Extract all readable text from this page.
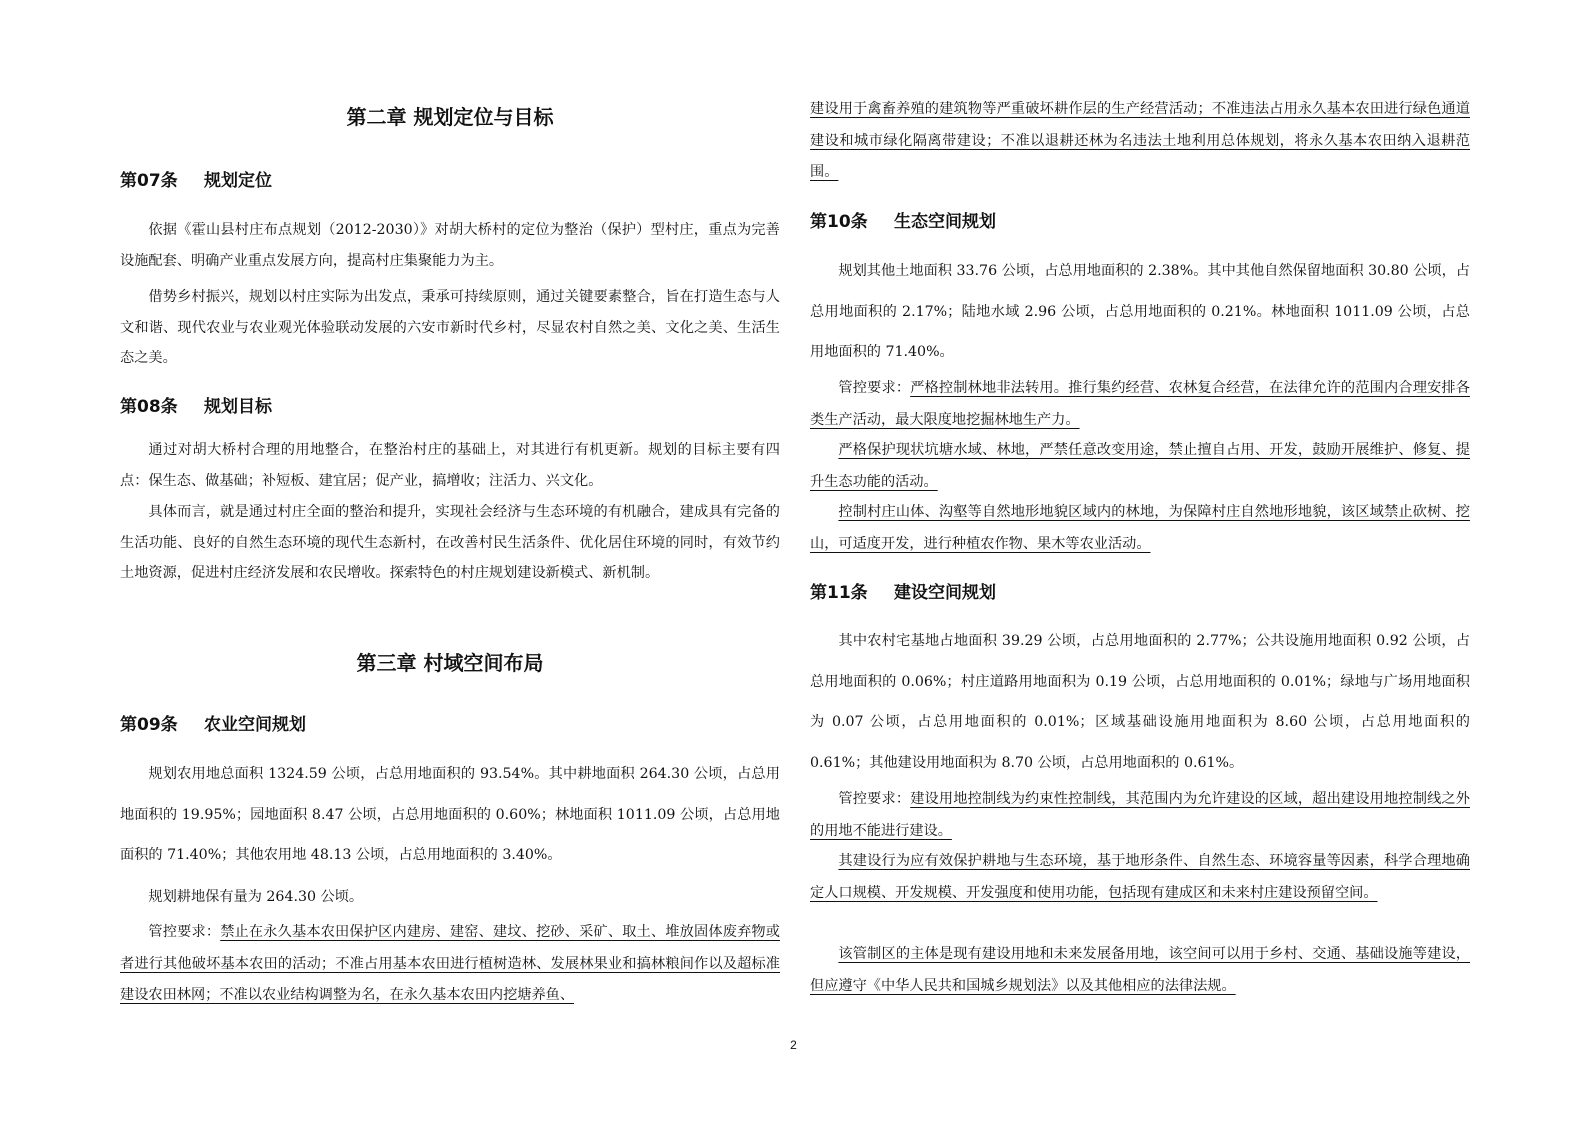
第二章 规划定位与目标
第07条 规划定位

依据《霍山县村庄布点规划（2012-2030）》对胡大桥村的定位为整治（保护）型村庄，重点为完善设施配套、明确产业重点发展方向，提高村庄集聚能力为主。

借势乡村振兴，规划以村庄实际为出发点，秉承可持续原则，通过关键要素整合，旨在打造生态与人文和谐、现代农业与农业观光体验联动发展的六安市新时代乡村，尽显农村自然之美、文化之美、生活生态之美。

第08条 规划目标

通过对胡大桥村合理的用地整合，在整治村庄的基础上，对其进行有机更新。规划的目标主要有四点：保生态、做基础；补短板、建宜居；促产业，搞增收；注活力、兴文化。

具体而言，就是通过村庄全面的整治和提升，实现社会经济与生态环境的有机融合，建成具有完备的生活功能、良好的自然生态环境的现代生态新村，在改善村民生活条件、优化居住环境的同时，有效节约土地资源，促进村庄经济发展和农民增收。探索特色的村庄规划建设新模式、新机制。

第三章 村域空间布局
第09条 农业空间规划

规划农用地总面积 1324.59 公顷，占总用地面积的 93.54%。其中耕地面积 264.30 公顷，占总用地面积的 19.95%；园地面积 8.47 公顷，占总用地面积的 0.60%；林地面积 1011.09 公顷，占总用地面积的 71.40%；其他农用地 48.13 公顷，占总用地面积的 3.40%。

规划耕地保有量为 264.30 公顷。

管控要求：禁止在永久基本农田保护区内建房、建窑、建坟、挖砂、采矿、取土、堆放固体废弃物或者进行其他破坏基本农田的活动；不准占用基本农田进行植树造林、发展林果业和搞林粮间作以及超标准建设农田林网；不准以农业结构调整为名，在永久基本农田内挖塘养鱼、

建设用于禽畜养殖的建筑物等严重破坏耕作层的生产经营活动；不准违法占用永久基本农田进行绿色通道建设和城市绿化隔离带建设；不准以退耕还林为名违法土地利用总体规划，将永久基本农田纳入退耕范围。

第10条 生态空间规划

规划其他土地面积 33.76 公顷，占总用地面积的 2.38%。其中其他自然保留地面积 30.80 公顷，占总用地面积的 2.17%；陆地水域 2.96 公顷，占总用地面积的 0.21%。林地面积 1011.09 公顷，占总用地面积的 71.40%。

管控要求：严格控制林地非法转用。推行集约经营、农林复合经营，在法律允许的范围内合理安排各类生产活动，最大限度地挖掘林地生产力。

严格保护现状坑塘水域、林地，严禁任意改变用途，禁止擅自占用、开发，鼓励开展维护、修复、提升生态功能的活动。

控制村庄山体、沟壑等自然地形地貌区域内的林地，为保障村庄自然地形地貌，该区域禁止砍树、挖山，可适度开发，进行种植农作物、果木等农业活动。

第11条 建设空间规划

其中农村宅基地占地面积 39.29 公顷，占总用地面积的 2.77%；公共设施用地面积 0.92 公顷，占总用地面积的 0.06%；村庄道路用地面积为 0.19 公顷，占总用地面积的 0.01%；绿地与广场用地面积为 0.07 公顷，占总用地面积的 0.01%；区域基础设施用地面积为 8.60 公顷，占总用地面积的 0.61%；其他建设用地面积为 8.70 公顷，占总用地面积的 0.61%。

管控要求：建设用地控制线为约束性控制线，其范围内为允许建设的区域，超出建设用地控制线之外的用地不能进行建设。

其建设行为应有效保护耕地与生态环境，基于地形条件、自然生态、环境容量等因素，科学合理地确定人口规模、开发规模、开发强度和使用功能，包括现有建成区和未来村庄建设预留空间。

该管制区的主体是现有建设用地和未来发展备用地，该空间可以用于乡村、交通、基础设施等建设，但应遵守《中华人民共和国城乡规划法》以及其他相应的法律法规。

2
